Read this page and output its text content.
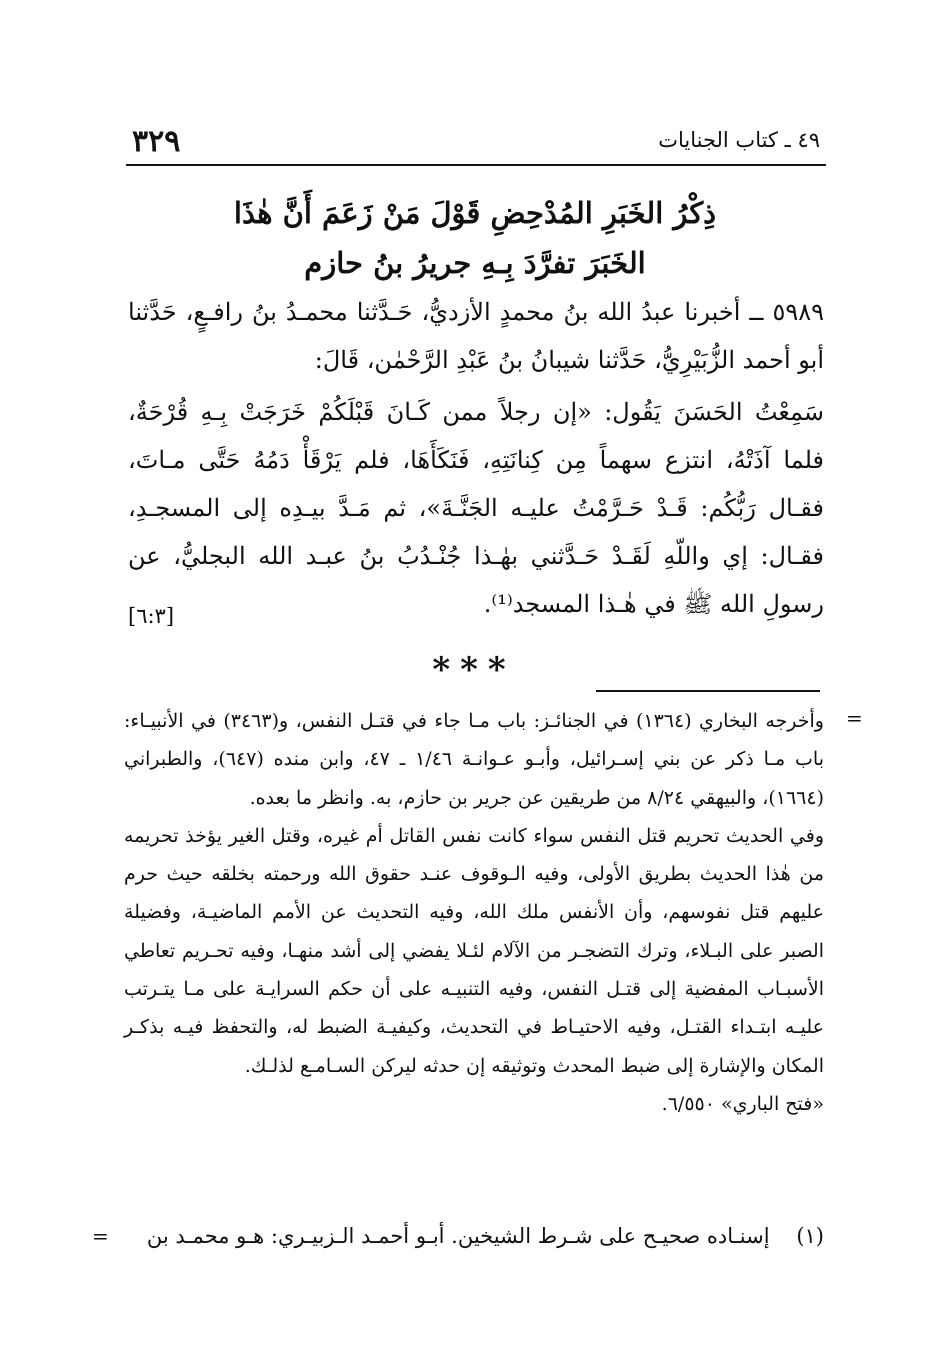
٣٢٩	٤٩ ـ كتاب الجنايات
ذِكْرُ الخَبَرِ المُدْحِضِ قَوْلَ مَنْ زَعَمَ أَنَّ هٰذَا
الخَبَرَ تفرَّدَ بِـهِ جريرُ بنُ حازم

٥٩٨٩ ــ أخبرنا عبدُ الله بنُ محمدٍ الأزديُّ، حَـدَّثنا محمـدُ بنُ رافـعٍ، حَدَّثنا أبو أحمد الزُّبَيْرِيُّ، حَدَّثنا شيبانُ بنُ عَبْدِ الرَّحْمٰن، قَالَ:

سَمِعْتُ الحَسَنَ يَقُول: «إن رجلاً ممن كَـانَ قَبْلَكُمْ خَرَجَتْ بِـهِ قُرْحَةٌ، فلما آذَتْهُ، انتزع سهماً مِن كِنانَتِهِ، فَنَكَأَهَا، فلم يَرْقَأْ دَمُهُ حَتَّى مـاتَ، فقـال رَبُّكُم: قَـدْ حَـرَّمْتُ عليـه الجَنَّـةَ»، ثم مَـدَّ بيـدِه إلى المسجـدِ، فقـال: إي واللّهِ لَقَـدْ حَـدَّثني بهٰـذا جُنْـدُبُ بنُ عبـد الله البجليُّ، عن رسولِ الله ﷺ في هٰـذا المسجد⁽¹⁾.

[٦:٣]
***
=

وأخرجه البخاري (١٣٦٤) في الجنائـز: باب مـا جاء في قتـل النفس، و(٣٤٦٣) في الأنبيـاء: باب مـا ذكر عن بني إسـرائيل، وأبـو عـوانـة ١/٤٦ ـ ٤٧، وابن منده (٦٤٧)، والطبراني (١٦٦٤)، والبيهقي ٨/٢٤ من طريقين عن جرير بن حازم، به. وانظر ما بعده.

وفي الحديث تحريم قتل النفس سواء كانت نفس القاتل أم غيره، وقتل الغير يؤخذ تحريمه من هٰذا الحديث بطريق الأولى، وفيه الـوقوف عنـد حقوق الله ورحمته بخلقه حيث حرم عليهم قتل نفوسهم، وأن الأنفس ملك الله، وفيه التحديث عن الأمم الماضيـة، وفضيلة الصبر على البـلاء، وترك التضجـر من الآلام لئـلا يفضي إلى أشد منهـا، وفيه تحـريم تعاطي الأسبـاب المفضية إلى قتـل النفس، وفيه التنبيـه على أن حكم السرايـة على مـا يتـرتب عليـه ابتـداء القتـل، وفيه الاحتيـاط في التحديث، وكيفيـة الضبط له، والتحفظ فيـه بذكـر المكان والإشارة إلى ضبط المحدث وتوثيقه إن حدثه ليركن السـامـع لذلـك.

«فتح الباري» ٦/٥٥٠.

(١)    إسنـاده صحيـح على شـرط الشيخين. أبـو أحمـد الـزبيـري: هـو محمـد بن
=
